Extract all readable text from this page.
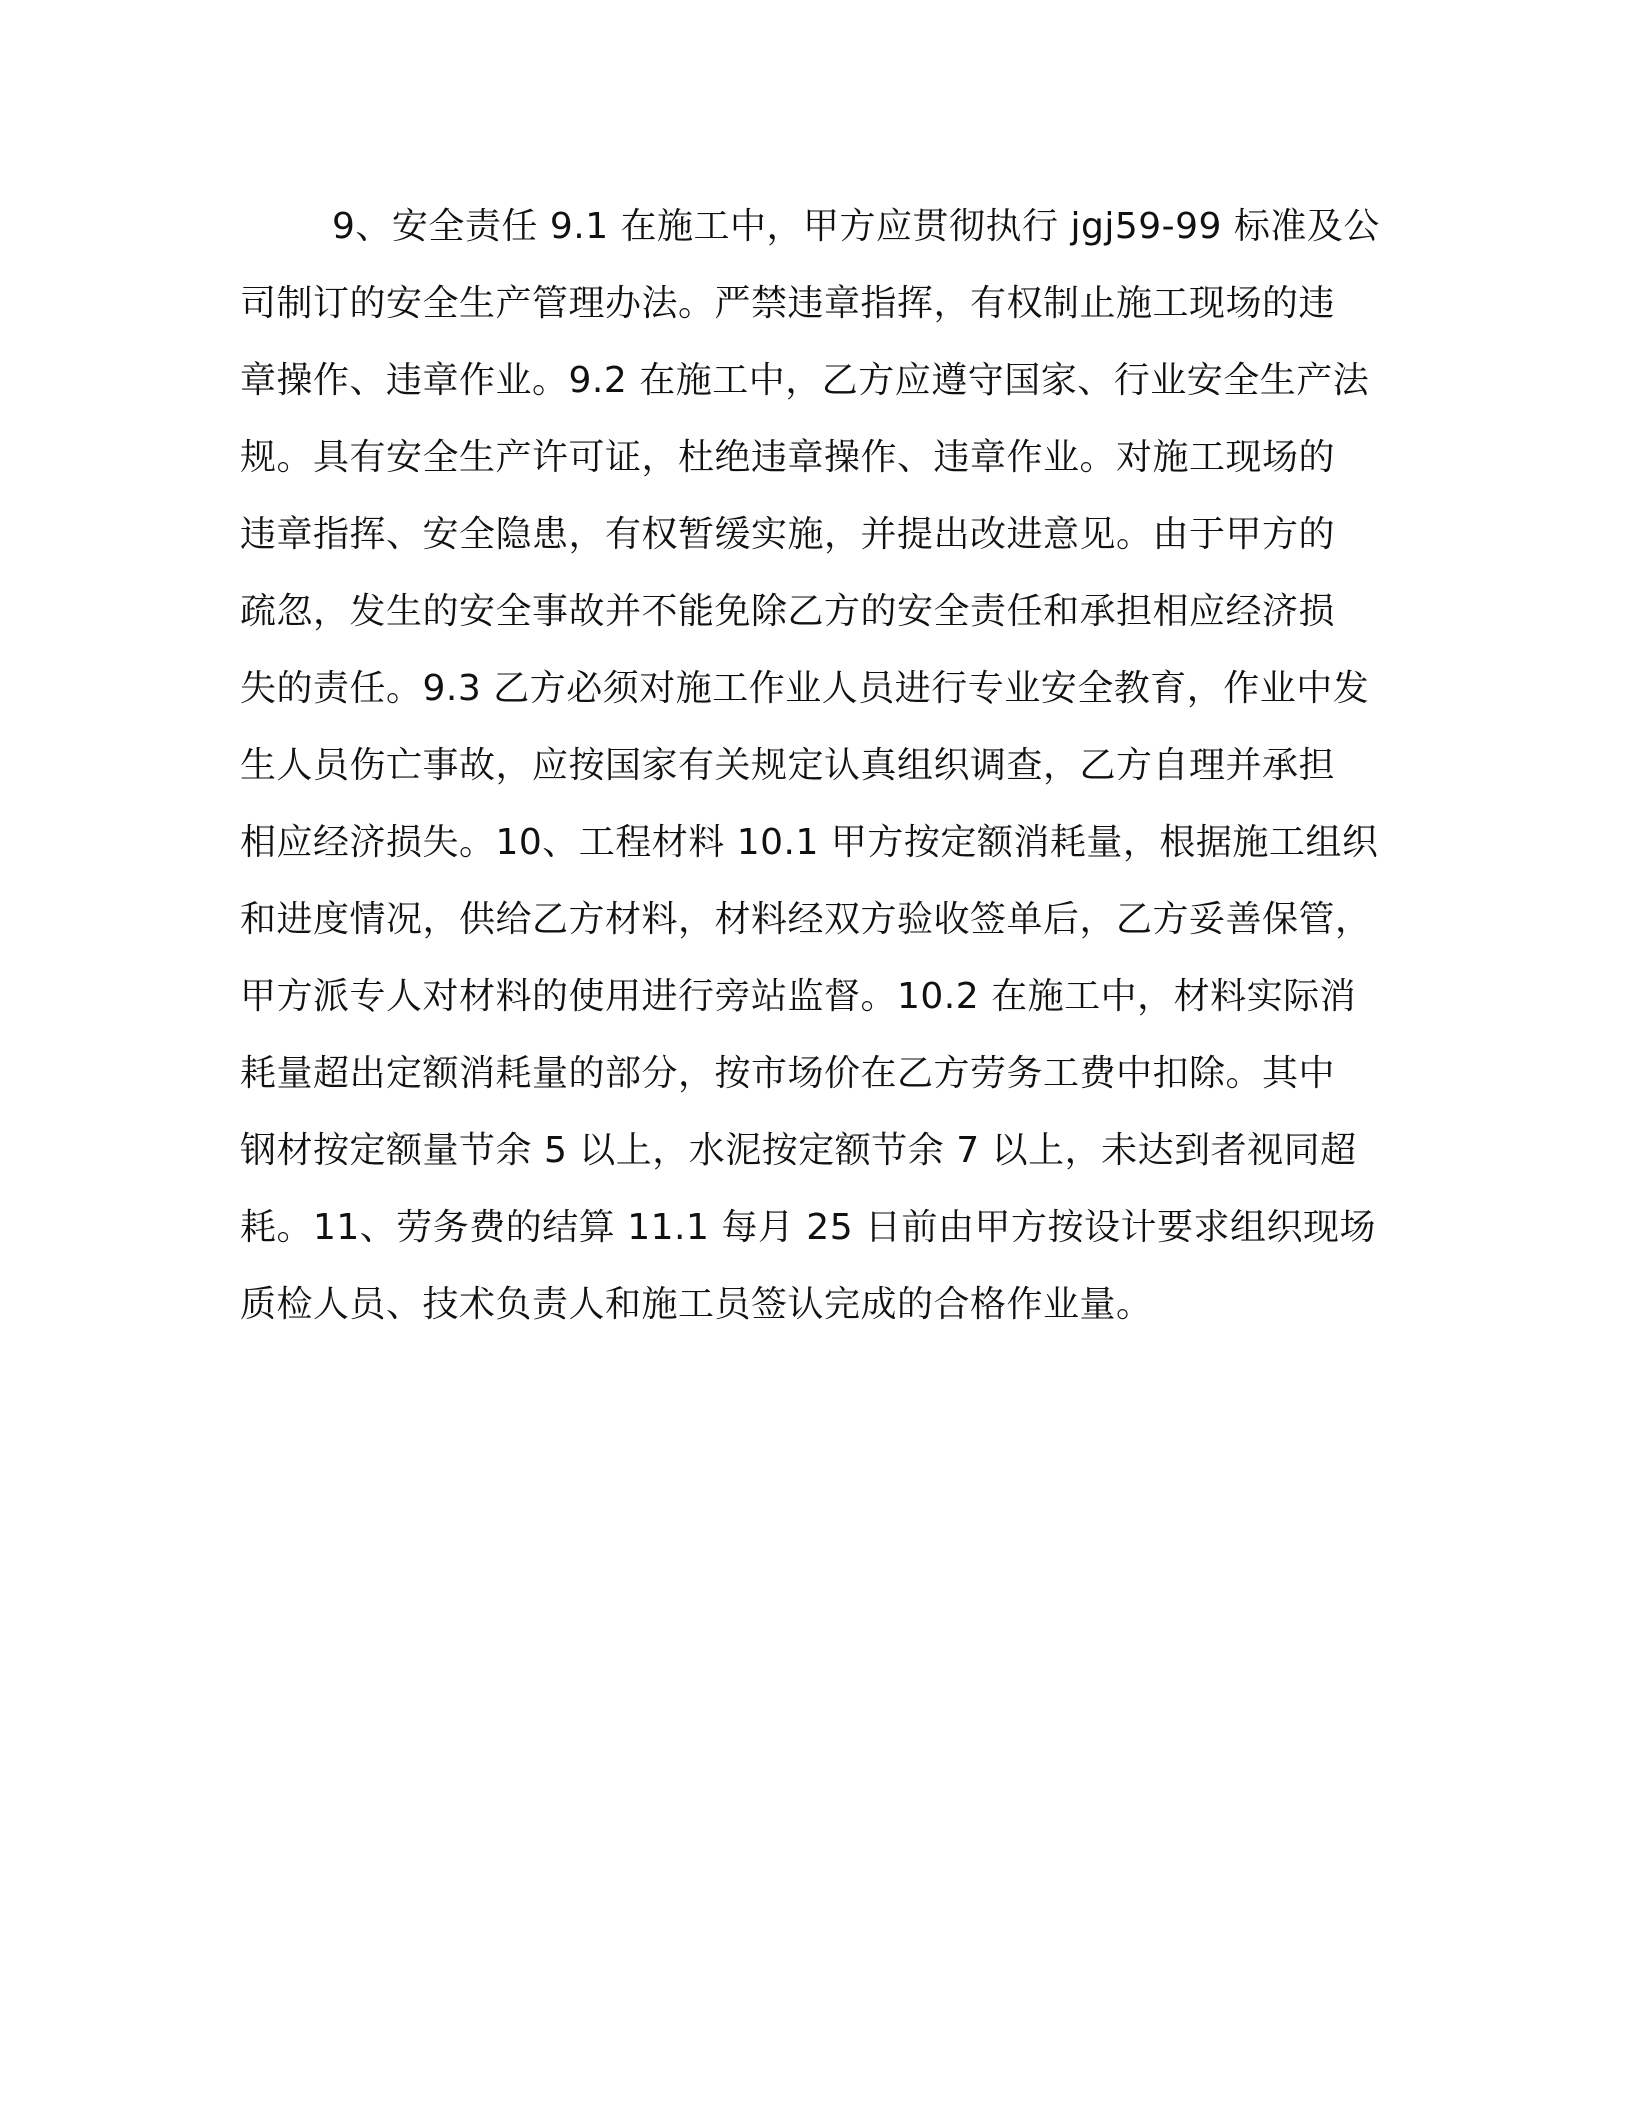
9、安全责任 9.1 在施工中，甲方应贯彻执行 jgj59-99 标准及公
司制订的安全生产管理办法。严禁违章指挥，有权制止施工现场的违
章操作、违章作业。9.2 在施工中，乙方应遵守国家、行业安全生产法
规。具有安全生产许可证，杜绝违章操作、违章作业。对施工现场的
违章指挥、安全隐患，有权暂缓实施，并提出改进意见。由于甲方的
疏忽，发生的安全事故并不能免除乙方的安全责任和承担相应经济损
失的责任。9.3 乙方必须对施工作业人员进行专业安全教育，作业中发
生人员伤亡事故，应按国家有关规定认真组织调查，乙方自理并承担
相应经济损失。10、工程材料 10.1 甲方按定额消耗量，根据施工组织
和进度情况，供给乙方材料，材料经双方验收签单后，乙方妥善保管，
甲方派专人对材料的使用进行旁站监督。10.2 在施工中，材料实际消
耗量超出定额消耗量的部分，按市场价在乙方劳务工费中扣除。其中
钢材按定额量节余 5 以上，水泥按定额节余 7 以上，未达到者视同超
耗。11、劳务费的结算 11.1 每月 25 日前由甲方按设计要求组织现场
质检人员、技术负责人和施工员签认完成的合格作业量。
